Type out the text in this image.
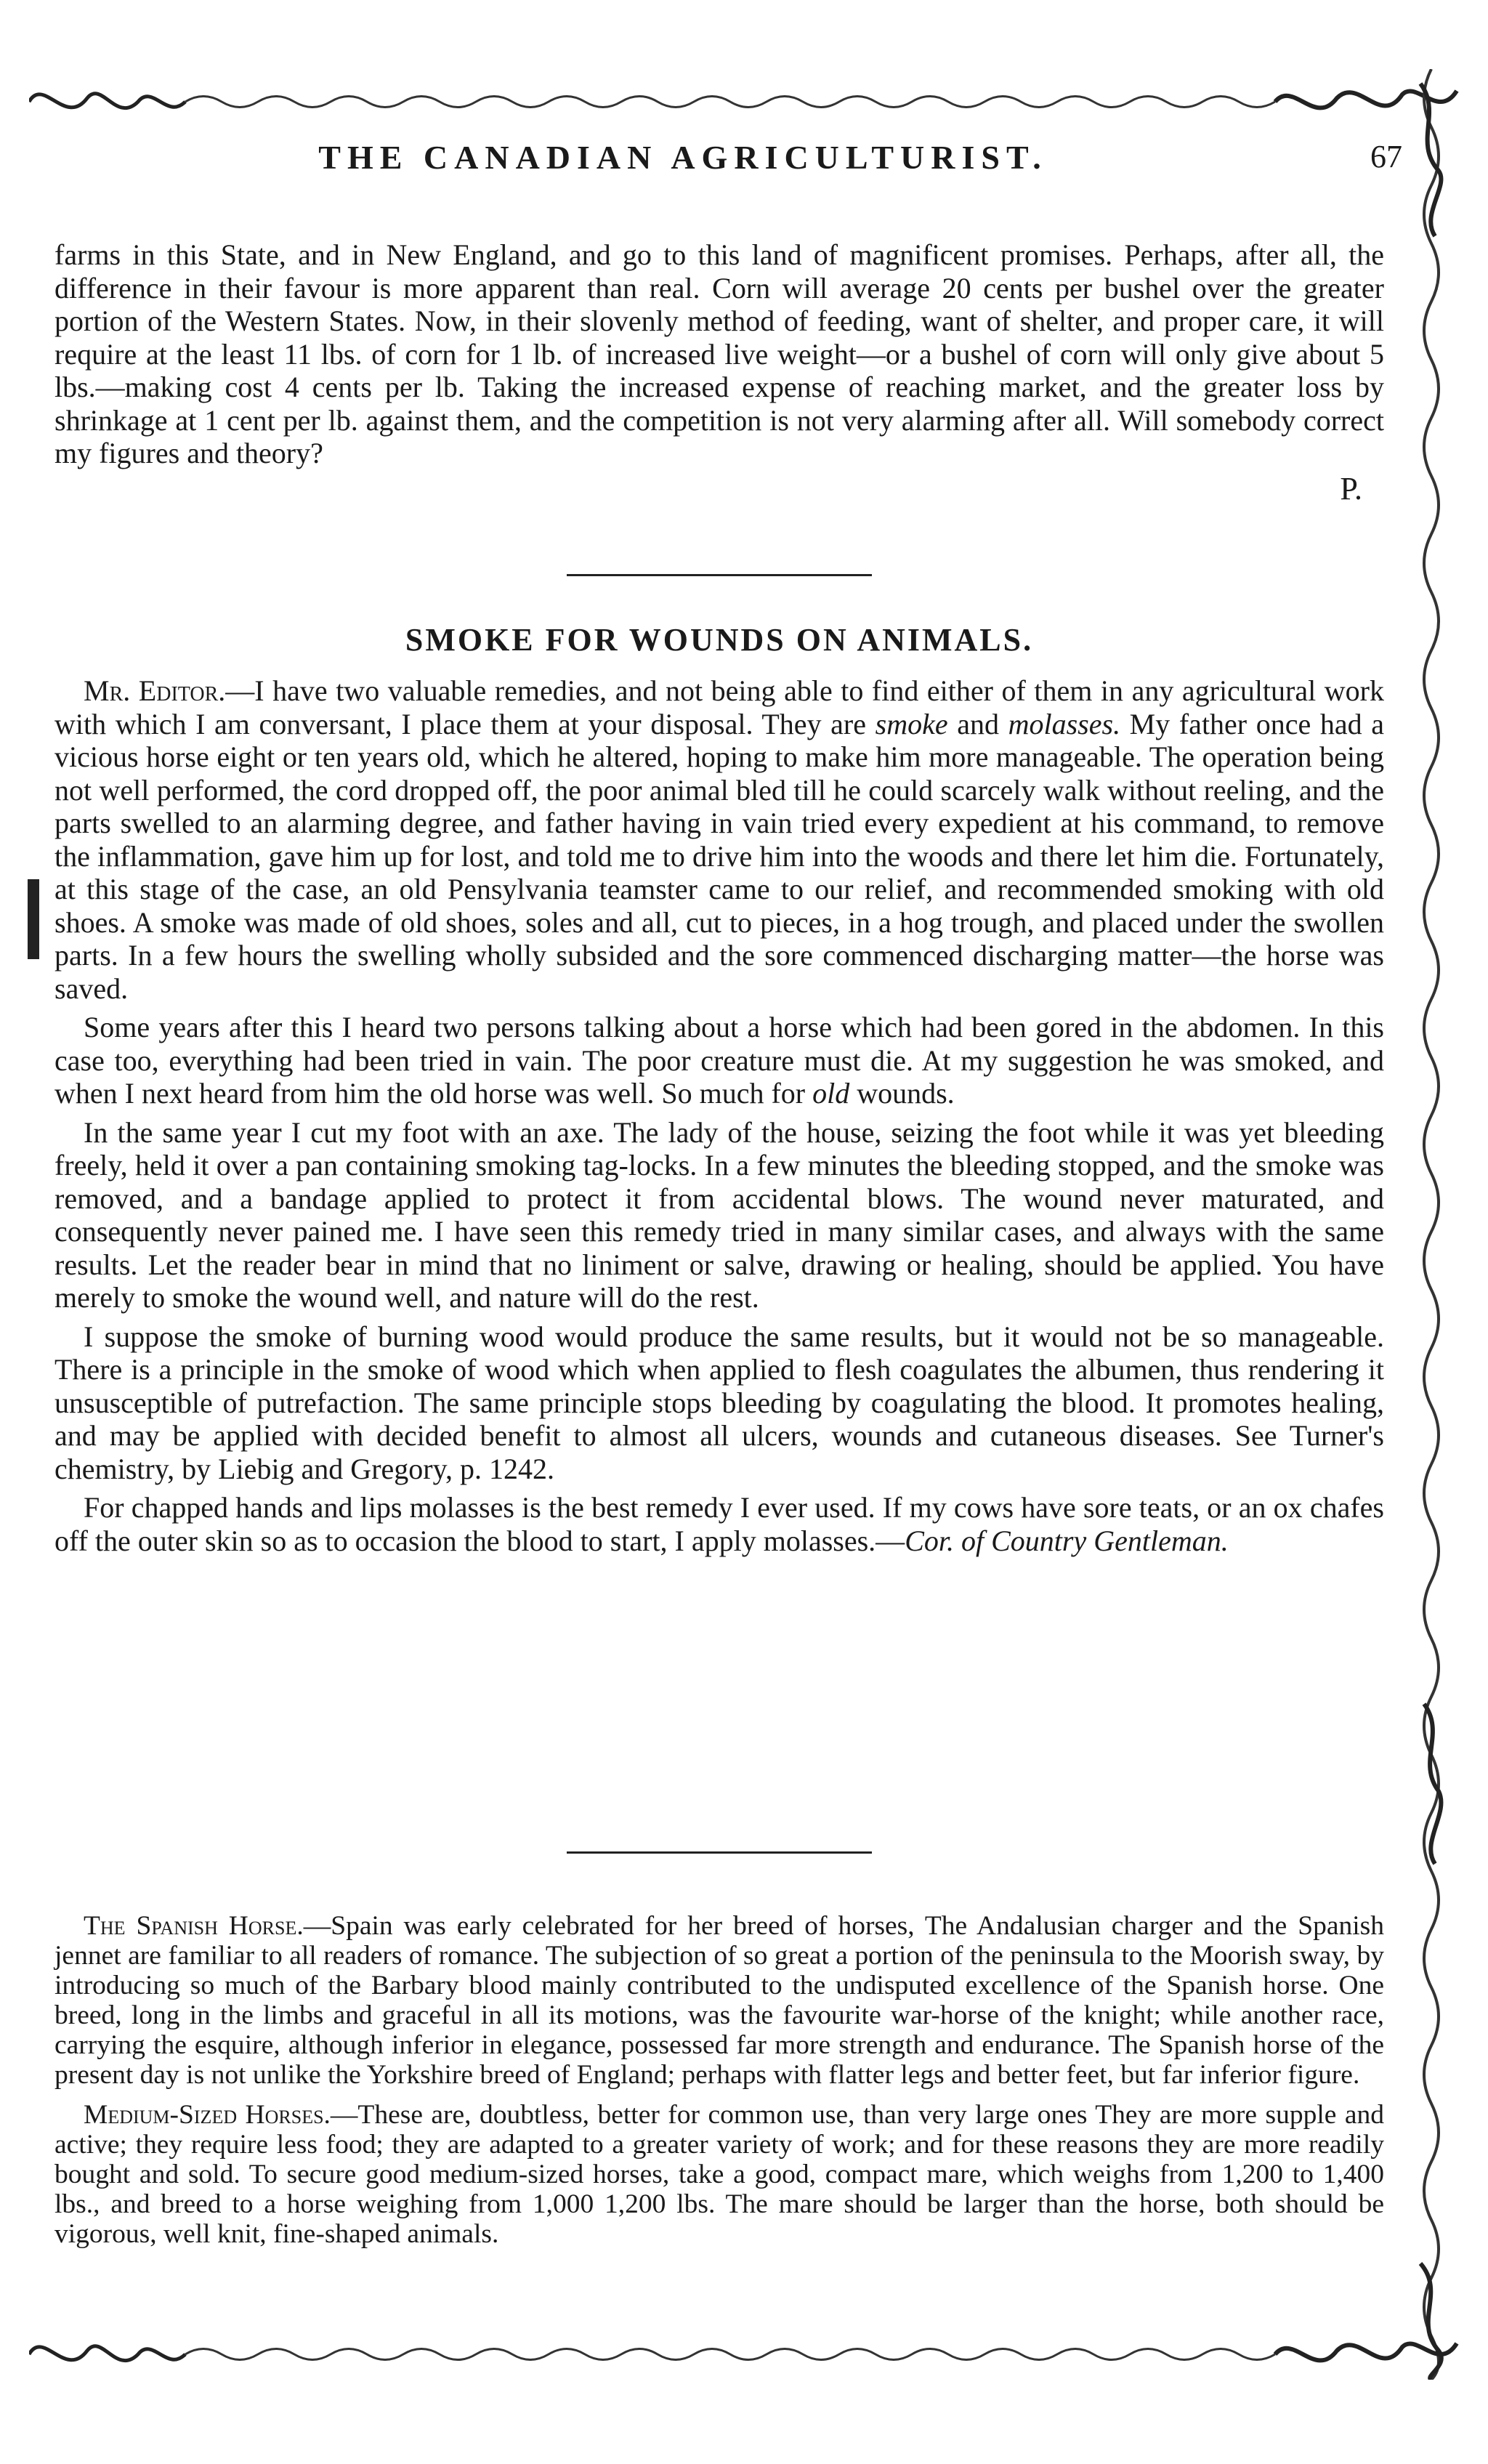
THE CANADIAN AGRICULTURIST.	67

farms in this State, and in New England, and go to this land of magnificent promises. Perhaps, after all, the difference in their favour is more apparent than real. Corn will average 20 cents per bushel over the greater portion of the Western States. Now, in their slovenly method of feeding, want of shelter, and proper care, it will require at the least 11 lbs. of corn for 1 lb. of increased live weight—or a bushel of corn will only give about 5 lbs.—making cost 4 cents per lb. Taking the increased expense of reaching market, and the greater loss by shrinkage at 1 cent per lb. against them, and the competition is not very alarming after all. Will somebody correct my figures and theory?

P.

SMOKE FOR WOUNDS ON ANIMALS.

Mr. Editor.—I have two valuable remedies, and not being able to find either of them in any agricultural work with which I am conversant, I place them at your disposal. They are smoke and molasses. My father once had a vicious horse eight or ten years old, which he altered, hoping to make him more manageable. The operation being not well performed, the cord dropped off, the poor animal bled till he could scarcely walk without reeling, and the parts swelled to an alarming degree, and father having in vain tried every expedient at his command, to remove the inflammation, gave him up for lost, and told me to drive him into the woods and there let him die. Fortunately, at this stage of the case, an old Pensylvania teamster came to our relief, and recommended smoking with old shoes. A smoke was made of old shoes, soles and all, cut to pieces, in a hog trough, and placed under the swollen parts. In a few hours the swelling wholly subsided and the sore commenced discharging matter—the horse was saved.

Some years after this I heard two persons talking about a horse which had been gored in the abdomen. In this case too, everything had been tried in vain. The poor creature must die. At my suggestion he was smoked, and when I next heard from him the old horse was well. So much for old wounds.

In the same year I cut my foot with an axe. The lady of the house, seizing the foot while it was yet bleeding freely, held it over a pan containing smoking tag-locks. In a few minutes the bleeding stopped, and the smoke was removed, and a bandage applied to protect it from accidental blows. The wound never maturated, and consequently never pained me. I have seen this remedy tried in many similar cases, and always with the same results. Let the reader bear in mind that no liniment or salve, drawing or healing, should be applied. You have merely to smoke the wound well, and nature will do the rest.

I suppose the smoke of burning wood would produce the same results, but it would not be so manageable. There is a principle in the smoke of wood which when applied to flesh coagulates the albumen, thus rendering it unsusceptible of putrefaction. The same principle stops bleeding by coagulating the blood. It promotes healing, and may be applied with decided benefit to almost all ulcers, wounds and cutaneous diseases. See Turner's chemistry, by Liebig and Gregory, p. 1242.

For chapped hands and lips molasses is the best remedy I ever used. If my cows have sore teats, or an ox chafes off the outer skin so as to occasion the blood to start, I apply molasses.—Cor. of Country Gentleman.

The Spanish Horse.—Spain was early celebrated for her breed of horses, The Andalusian charger and the Spanish jennet are familiar to all readers of romance. The subjection of so great a portion of the peninsula to the Moorish sway, by introducing so much of the Barbary blood mainly contributed to the undisputed excellence of the Spanish horse. One breed, long in the limbs and graceful in all its motions, was the favourite war-horse of the knight; while another race, carrying the esquire, although inferior in elegance, possessed far more strength and endurance. The Spanish horse of the present day is not unlike the Yorkshire breed of England; perhaps with flatter legs and better feet, but far inferior figure.

Medium-Sized Horses.—These are, doubtless, better for common use, than very large ones They are more supple and active; they require less food; they are adapted to a greater variety of work; and for these reasons they are more readily bought and sold. To secure good medium-sized horses, take a good, compact mare, which weighs from 1,200 to 1,400 lbs., and breed to a horse weighing from 1,000 1,200 lbs. The mare should be larger than the horse, both should be vigorous, well knit, fine-shaped animals.
